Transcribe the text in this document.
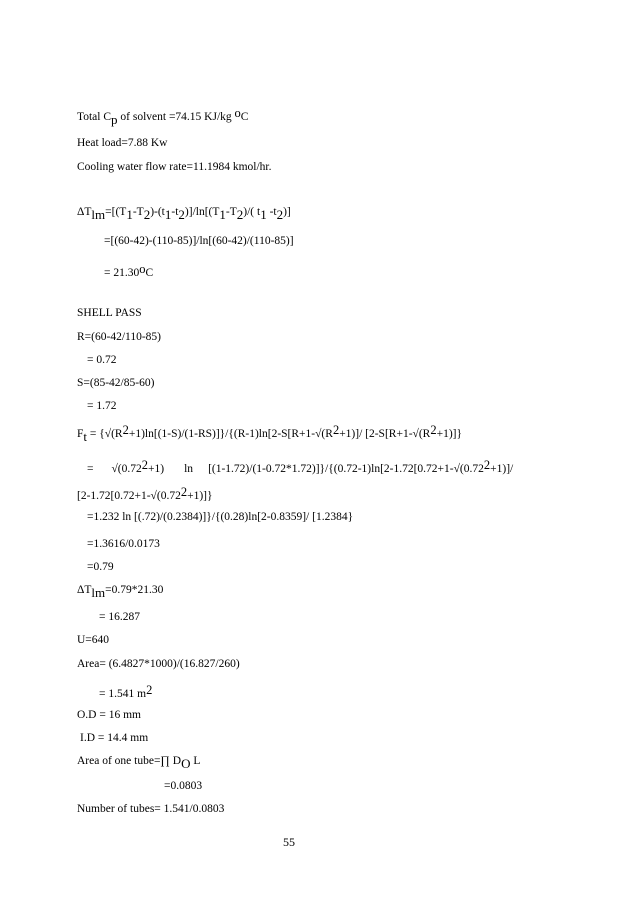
Total Cp of solvent =74.15 KJ/kg oC
Heat load=7.88 Kw
Cooling water flow rate=11.1984 kmol/hr.
ΔTlm=[(T1-T2)-(t1-t2)]/ln[(T1-T2)/( t1 -t2)]
=[(60-42)-(110-85)]/ln[(60-42)/(110-85)]
= 21.30oC
SHELL PASS
R=(60-42/110-85)
= 0.72
S=(85-42/85-60)
= 1.72
Ft = {√(R2+1)ln[(1-S)/(1-RS)]}/{(R-1)ln[2-S[R+1-√(R2+1)]/ [2-S[R+1-√(R2+1)]}
= √(0.722+1) ln [(1-1.72)/(1-0.72*1.72)]}/{(0.72-1)ln[2-1.72[0.72+1-√(0.722+1)]/
[2-1.72[0.72+1-√(0.722+1)]}
=1.232 ln [(.72)/(0.2384)]}/{(0.28)ln[2-0.8359]/ [1.2384}
=1.3616/0.0173
=0.79
ΔTlm=0.79*21.30
= 16.287
U=640
Area= (6.4827*1000)/(16.827/260)
= 1.541 m2
O.D = 16 mm
I.D = 14.4 mm
Area of one tube=∏ DO L
=0.0803
Number of tubes= 1.541/0.0803
55
